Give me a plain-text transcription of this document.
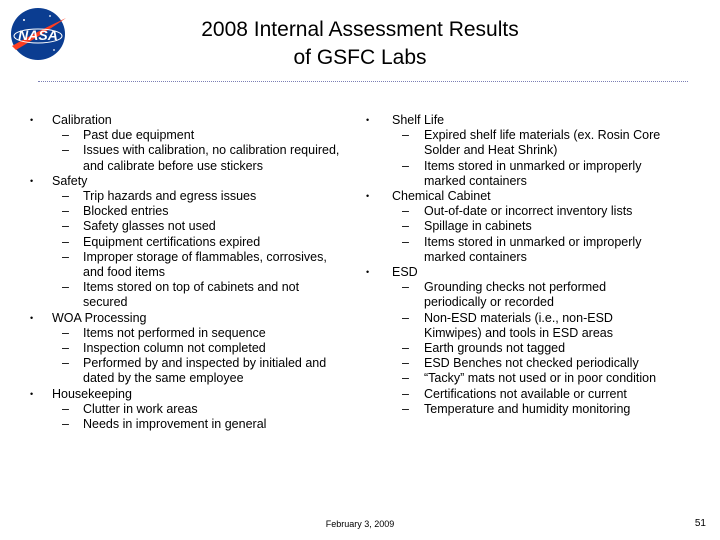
NASA	2008 Internal Assessment Results
of GSFC Labs
• Calibration
– Past due equipment
– Issues with calibration, no calibration required, and calibrate before use stickers
• Safety
– Trip hazards and egress issues
– Blocked entries
– Safety glasses not used
– Equipment certifications expired
– Improper storage of flammables, corrosives, and food items
– Items stored on top of cabinets and not secured
• WOA Processing
– Items not performed in sequence
– Inspection column not completed
– Performed by and inspected by initialed and dated by the same employee
• Housekeeping
– Clutter in work areas
– Needs in improvement in general
• Shelf Life
– Expired shelf life materials (ex. Rosin Core Solder and Heat Shrink)
– Items stored in unmarked or improperly marked containers
• Chemical Cabinet
– Out-of-date or incorrect inventory lists
– Spillage in cabinets
– Items stored in unmarked or improperly marked containers
• ESD
– Grounding checks not performed periodically or recorded
– Non-ESD materials (i.e., non-ESD Kimwipes) and tools in ESD areas
– Earth grounds not tagged
– ESD Benches not checked periodically
– “Tacky” mats not used or in poor condition
– Certifications not available or current
– Temperature and humidity monitoring
February 3, 2009	51
